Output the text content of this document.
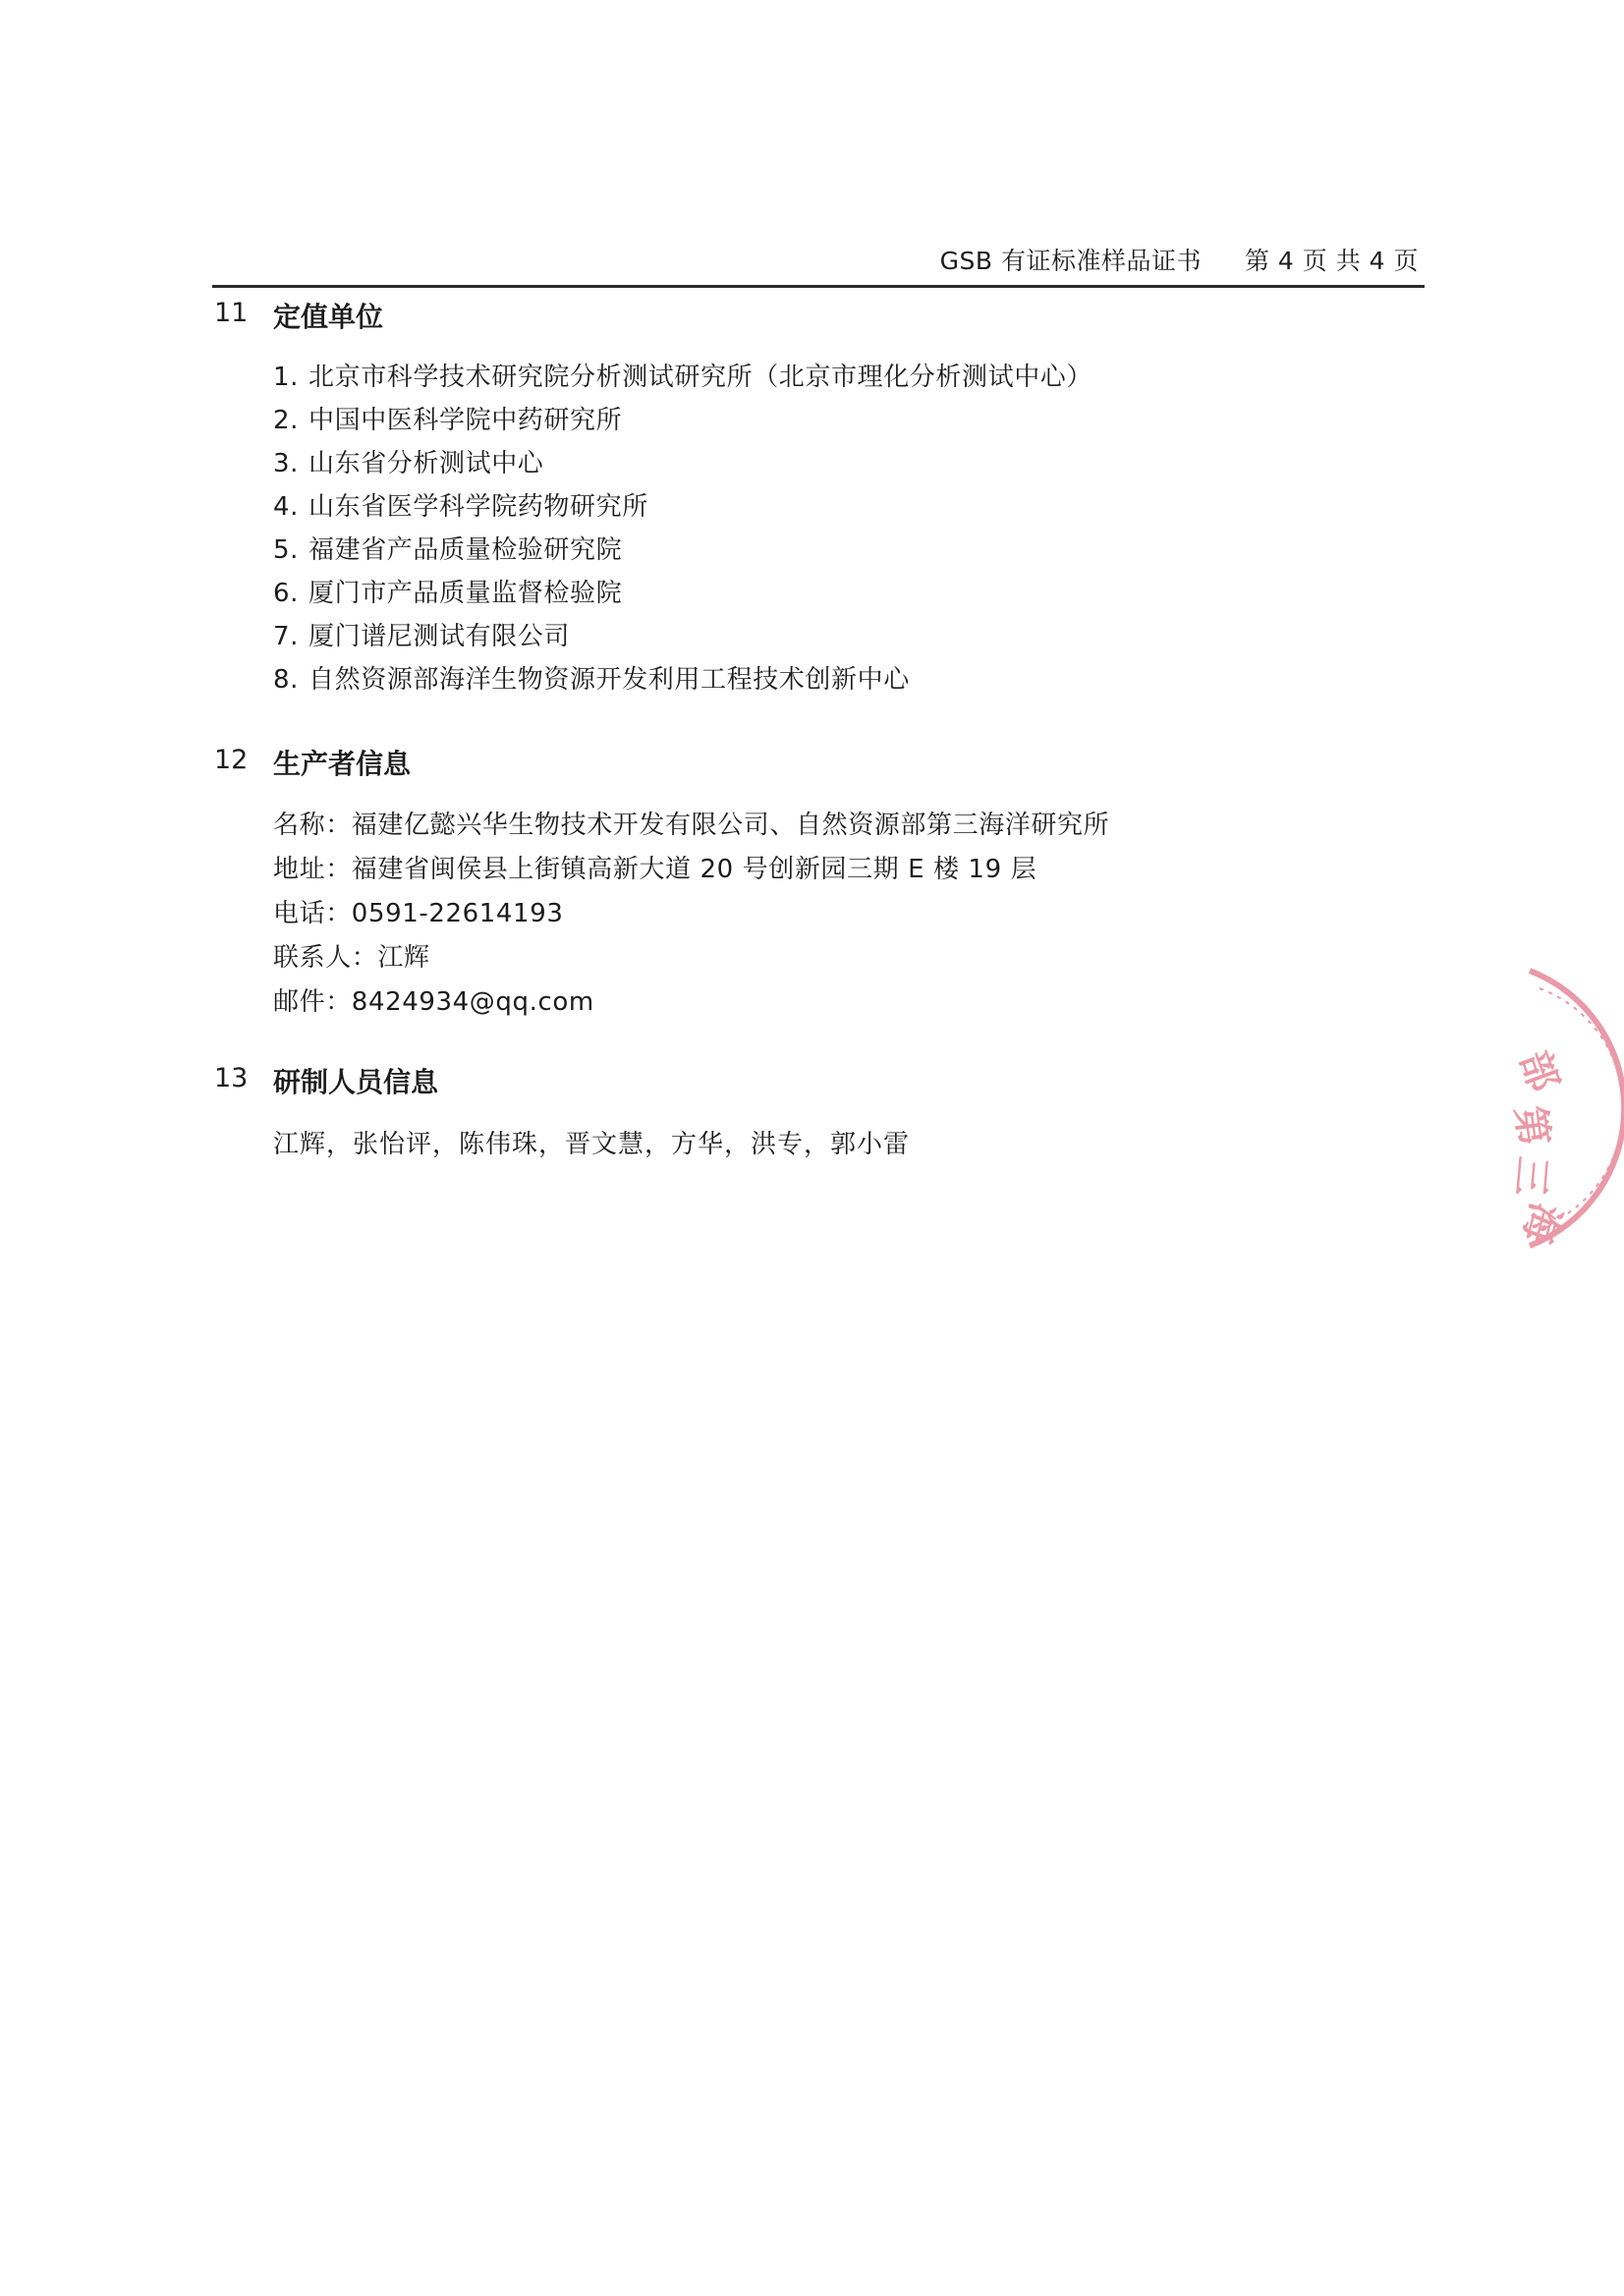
GSB 有证标准样品证书 第 4 页 共 4 页
11 定值单位
1. 北京市科学技术研究院分析测试研究所（北京市理化分析测试中心）
2. 中国中医科学院中药研究所
3. 山东省分析测试中心
4. 山东省医学科学院药物研究所
5. 福建省产品质量检验研究院
6. 厦门市产品质量监督检验院
7. 厦门谱尼测试有限公司
8. 自然资源部海洋生物资源开发利用工程技术创新中心
12 生产者信息
名称：福建亿懿兴华生物技术开发有限公司、自然资源部第三海洋研究所
地址：福建省闽侯县上街镇高新大道 20 号创新园三期 E 楼 19 层
电话：0591-22614193
联系人：江辉
邮件：8424934@qq.com
13 研制人员信息
江辉，张怡评，陈伟珠，晋文慧，方华，洪专，郭小雷
部
第
三
海
